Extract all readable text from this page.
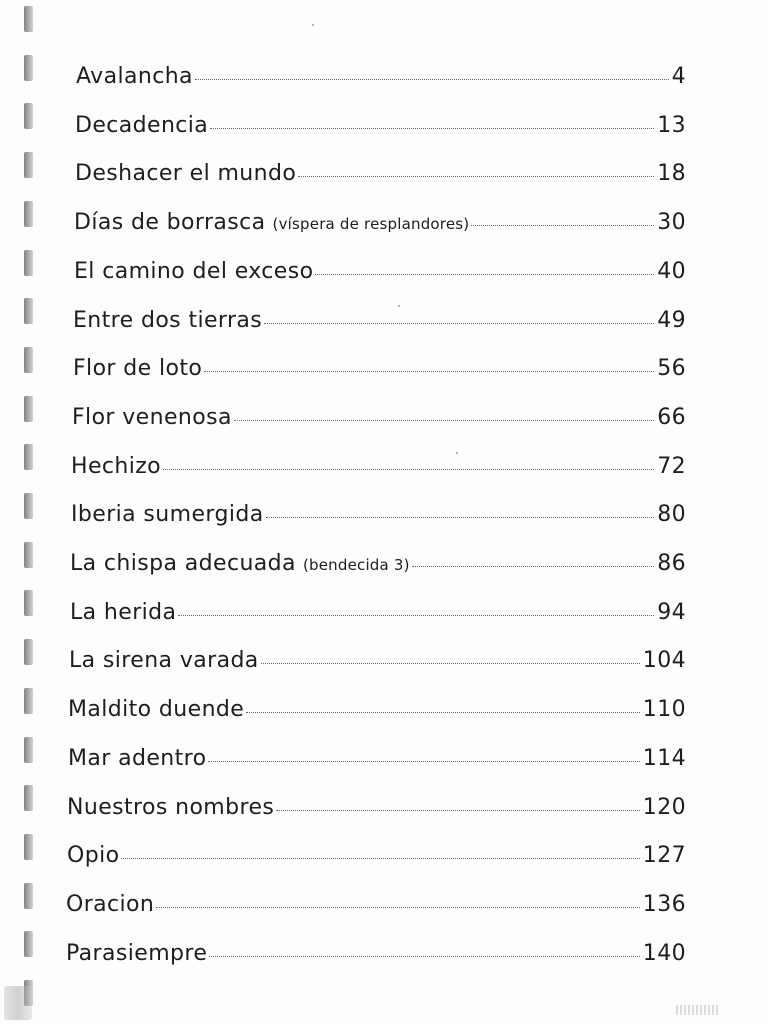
Avalancha	4
Decadencia	13
Deshacer el mundo	18
Días de borrasca (víspera de resplandores)	30
El camino del exceso	40
Entre dos tierras	49
Flor de loto	56
Flor venenosa	66
Hechizo	72
Iberia sumergida	80
La chispa adecuada (bendecida 3)	86
La herida	94
La sirena varada	104
Maldito duende	110
Mar adentro	114
Nuestros nombres	120
Opio	127
Oracion	136
Parasiempre	140
